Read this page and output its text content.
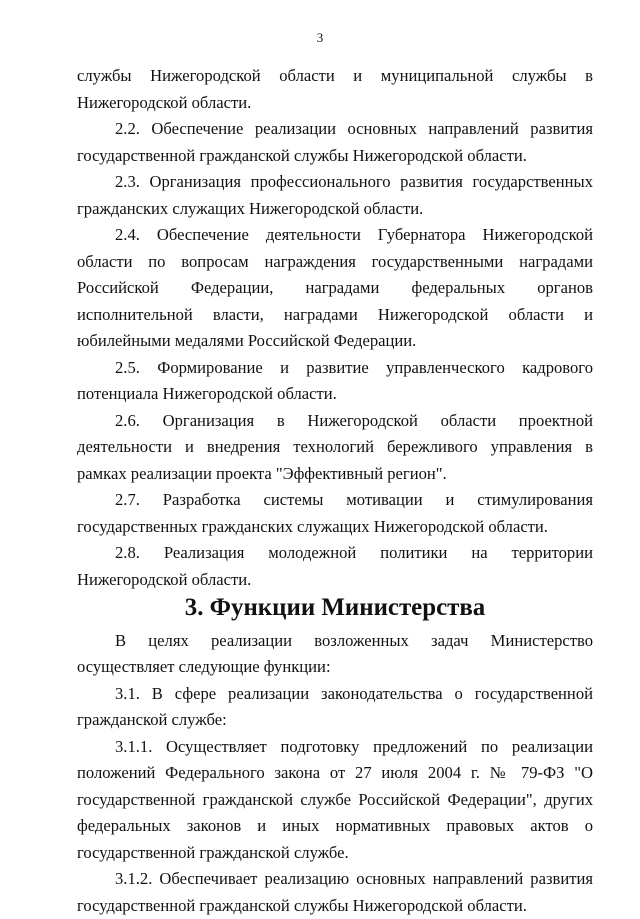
3

службы Нижегородской области и муниципальной службы в Нижегородской области.

2.2. Обеспечение реализации основных направлений развития государственной гражданской службы Нижегородской области.

2.3. Организация профессионального развития государственных гражданских служащих Нижегородской области.

2.4. Обеспечение деятельности Губернатора Нижегородской области по вопросам награждения государственными наградами Российской Федерации, наградами федеральных органов исполнительной власти, наградами Нижегородской области и юбилейными медалями Российской Федерации.

2.5. Формирование и развитие управленческого кадрового потенциала Нижегородской области.

2.6. Организация в Нижегородской области проектной деятельности и внедрения технологий бережливого управления в рамках реализации проекта "Эффективный регион".

2.7. Разработка системы мотивации и стимулирования государственных гражданских служащих Нижегородской области.

2.8. Реализация молодежной политики на территории Нижегородской области.

3. Функции Министерства

В целях реализации возложенных задач Министерство осуществляет следующие функции:

3.1. В сфере реализации законодательства о государственной гражданской службе:

3.1.1. Осуществляет подготовку предложений по реализации положений Федерального закона от 27 июля 2004 г. № 79-ФЗ "О государственной гражданской службе Российской Федерации", других федеральных законов и иных нормативных правовых актов о государственной гражданской службе.

3.1.2. Обеспечивает реализацию основных направлений развития государственной гражданской службы Нижегородской области.
